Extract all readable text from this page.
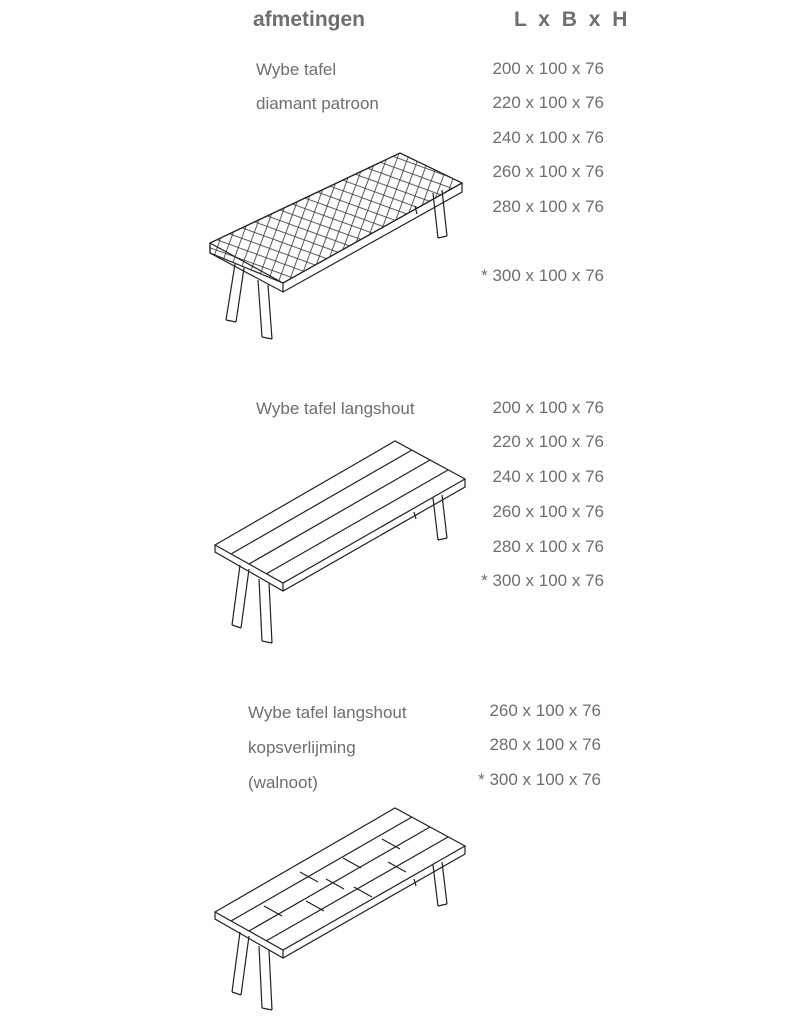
afmetingen	L x B x H
Wybe tafel
diamant patroon
200 x 100 x 76
220 x 100 x 76
240 x 100 x 76
260 x 100 x 76
280 x 100 x 76
* 300 x 100 x 76
Wybe tafel langshout	200 x 100 x 76
220 x 100 x 76
240 x 100 x 76
260 x 100 x 76
280 x 100 x 76
* 300 x 100 x 76
Wybe tafel langshout
kopsverlijming
(walnoot)
260 x 100 x 76
280 x 100 x 76
* 300 x 100 x 76
